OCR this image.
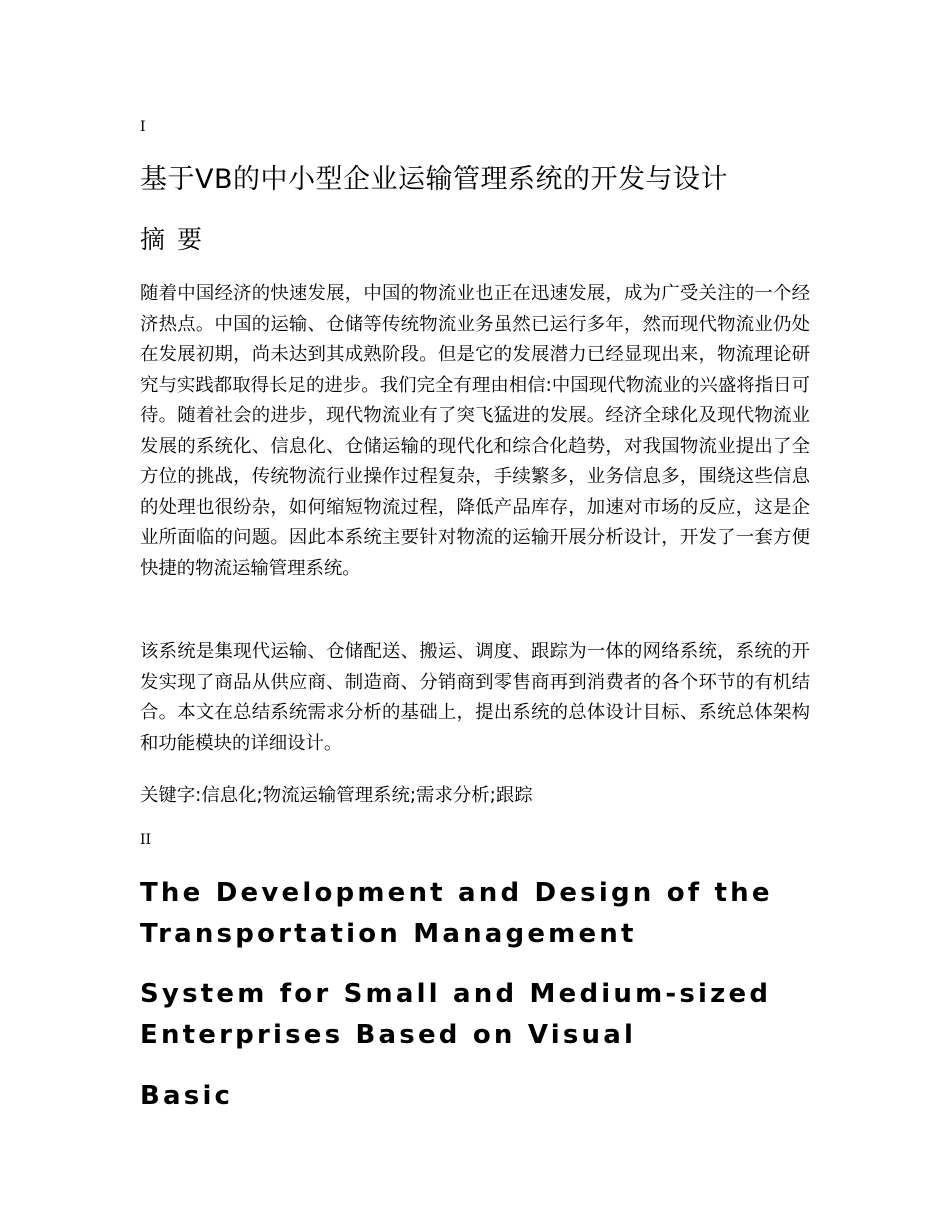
I
基于VB的中小型企业运输管理系统的开发与设计
摘 要

随着中国经济的快速发展，中国的物流业也正在迅速发展，成为广受关注的一个经济热点。中国的运输、仓储等传统物流业务虽然已运行多年，然而现代物流业仍处在发展初期，尚未达到其成熟阶段。但是它的发展潜力已经显现出来，物流理论研究与实践都取得长足的进步。我们完全有理由相信:中国现代物流业的兴盛将指日可待。随着社会的进步，现代物流业有了突飞猛进的发展。经济全球化及现代物流业发展的系统化、信息化、仓储运输的现代化和综合化趋势，对我国物流业提出了全方位的挑战，传统物流行业操作过程复杂，手续繁多，业务信息多，围绕这些信息的处理也很纷杂，如何缩短物流过程，降低产品库存，加速对市场的反应，这是企业所面临的问题。因此本系统主要针对物流的运输开展分析设计，开发了一套方便快捷的物流运输管理系统。

该系统是集现代运输、仓储配送、搬运、调度、跟踪为一体的网络系统，系统的开发实现了商品从供应商、制造商、分销商到零售商再到消费者的各个环节的有机结合。本文在总结系统需求分析的基础上，提出系统的总体设计目标、系统总体架构和功能模块的详细设计。

关键字:信息化;物流运输管理系统;需求分析;跟踪
II
The Development and Design of the
Transportation Management
System for Small and Medium-sized
Enterprises Based on Visual
Basic
